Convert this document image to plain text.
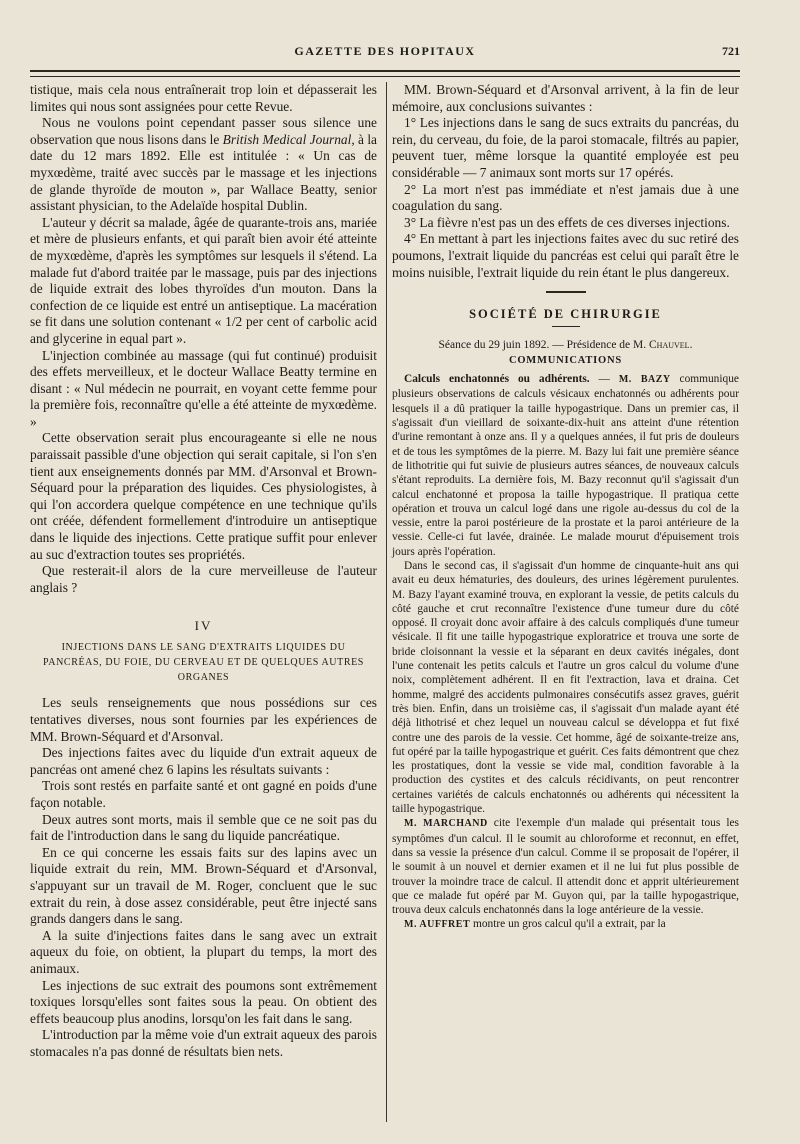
GAZETTE DES HOPITAUX	721

tistique, mais cela nous entraînerait trop loin et dépasserait les limites qui nous sont assignées pour cette Revue.

Nous ne voulons point cependant passer sous silence une observation que nous lisons dans le British Medical Journal, à la date du 12 mars 1892. Elle est intitulée : « Un cas de myxœdème, traité avec succès par le massage et les injections de glande thyroïde de mouton », par Wallace Beatty, senior assistant physician, to the Adelaïde hospital Dublin.

L'auteur y décrit sa malade, âgée de quarante-trois ans, mariée et mère de plusieurs enfants, et qui paraît bien avoir été atteinte de myxœdème, d'après les symptômes sur lesquels il s'étend. La malade fut d'abord traitée par le massage, puis par des injections de liquide extrait des lobes thyroïdes d'un mouton. Dans la confection de ce liquide est entré un antiseptique. La macération se fit dans une solution contenant « 1/2 per cent of carbolic acid and glycerine in equal part ».

L'injection combinée au massage (qui fut continué) produisit des effets merveilleux, et le docteur Wallace Beatty termine en disant : « Nul médecin ne pourrait, en voyant cette femme pour la première fois, reconnaître qu'elle a été atteinte de myxœdème. »

Cette observation serait plus encourageante si elle ne nous paraissait passible d'une objection qui serait capitale, si l'on s'en tient aux enseignements donnés par MM. d'Arsonval et Brown-Séquard pour la préparation des liquides. Ces physiologistes, à qui l'on accordera quelque compétence en une technique qu'ils ont créée, défendent formellement d'introduire un antiseptique dans le liquide des injections. Cette pratique suffit pour enlever au suc d'extraction toutes ses propriétés.

Que resterait-il alors de la cure merveilleuse de l'auteur anglais ?

IV
INJECTIONS DANS LE SANG D'EXTRAITS LIQUIDES DU PANCRÉAS, DU FOIE, DU CERVEAU ET DE QUELQUES AUTRES ORGANES

Les seuls renseignements que nous possédions sur ces tentatives diverses, nous sont fournies par les expériences de MM. Brown-Séquard et d'Arsonval.

Des injections faites avec du liquide d'un extrait aqueux de pancréas ont amené chez 6 lapins les résultats suivants :

Trois sont restés en parfaite santé et ont gagné en poids d'une façon notable.

Deux autres sont morts, mais il semble que ce ne soit pas du fait de l'introduction dans le sang du liquide pancréatique.

En ce qui concerne les essais faits sur des lapins avec un liquide extrait du rein, MM. Brown-Séquard et d'Arsonval, s'appuyant sur un travail de M. Roger, concluent que le suc extrait du rein, à dose assez considérable, peut être injecté sans grands dangers dans le sang.

A la suite d'injections faites dans le sang avec un extrait aqueux du foie, on obtient, la plupart du temps, la mort des animaux.

Les injections de suc extrait des poumons sont extrêmement toxiques lorsqu'elles sont faites sous la peau. On obtient des effets beaucoup plus anodins, lorsqu'on les fait dans le sang.

L'introduction par la même voie d'un extrait aqueux des parois stomacales n'a pas donné de résultats bien nets.

MM. Brown-Séquard et d'Arsonval arrivent, à la fin de leur mémoire, aux conclusions suivantes :

1° Les injections dans le sang de sucs extraits du pancréas, du rein, du cerveau, du foie, de la paroi stomacale, filtrés au papier, peuvent tuer, même lorsque la quantité employée est peu considérable — 7 animaux sont morts sur 17 opérés.

2° La mort n'est pas immédiate et n'est jamais due à une coagulation du sang.

3° La fièvre n'est pas un des effets de ces diverses injections.

4° En mettant à part les injections faites avec du suc retiré des poumons, l'extrait liquide du pancréas est celui qui paraît être le moins nuisible, l'extrait liquide du rein étant le plus dangereux.

SOCIÉTÉ DE CHIRURGIE
Séance du 29 juin 1892. — Présidence de M. Chauvel.
COMMUNICATIONS

Calculs enchatonnés ou adhérents. — M. BAZY communique plusieurs observations de calculs vésicaux enchatonnés ou adhérents pour lesquels il a dû pratiquer la taille hypogastrique. Dans un premier cas, il s'agissait d'un vieillard de soixante-dix-huit ans atteint d'une rétention d'urine remontant à onze ans. Il y a quelques années, il fut pris de douleurs et de tous les symptômes de la pierre. M. Bazy lui fait une première séance de lithotritie qui fut suivie de plusieurs autres séances, de nouveaux calculs s'étant reproduits. La dernière fois, M. Bazy reconnut qu'il s'agissait d'un calcul enchatonné et proposa la taille hypogastrique. Il pratiqua cette opération et trouva un calcul logé dans une rigole au-dessus du col de la vessie, entre la paroi postérieure de la prostate et la paroi antérieure de la vessie. Celle-ci fut lavée, drainée. Le malade mourut d'épuisement trois jours après l'opération.

Dans le second cas, il s'agissait d'un homme de cinquante-huit ans qui avait eu deux hématuries, des douleurs, des urines légèrement purulentes. M. Bazy l'ayant examiné trouva, en explorant la vessie, de petits calculs du côté gauche et crut reconnaître l'existence d'une tumeur dure du côté opposé. Il croyait donc avoir affaire à des calculs compliqués d'une tumeur vésicale. Il fit une taille hypogastrique exploratrice et trouva une sorte de bride cloisonnant la vessie et la séparant en deux cavités inégales, dont l'une contenait les petits calculs et l'autre un gros calcul du volume d'une noix, complètement adhérent. Il en fit l'extraction, lava et draina. Cet homme, malgré des accidents pulmonaires consécutifs assez graves, guérit très bien. Enfin, dans un troisième cas, il s'agissait d'un malade ayant été déjà lithotrisé et chez lequel un nouveau calcul se développa et fut fixé contre une des parois de la vessie. Cet homme, âgé de soixante-treize ans, fut opéré par la taille hypogastrique et guérit. Ces faits démontrent que chez les prostatiques, dont la vessie se vide mal, condition favorable à la production des cystites et des calculs récidivants, on peut rencontrer certaines variétés de calculs enchatonnés ou adhérents qui nécessitent la taille hypogastrique.

M. MARCHAND cite l'exemple d'un malade qui présentait tous les symptômes d'un calcul. Il le soumit au chloroforme et reconnut, en effet, dans sa vessie la présence d'un calcul. Comme il se proposait de l'opérer, il le soumit à un nouvel et dernier examen et il ne lui fut plus possible de trouver la moindre trace de calcul. Il attendit donc et apprit ultérieurement que ce malade fut opéré par M. Guyon qui, par la taille hypogastrique, trouva deux calculs enchatonnés dans la loge antérieure de la vessie.

M. AUFFRET montre un gros calcul qu'il a extrait, par la
